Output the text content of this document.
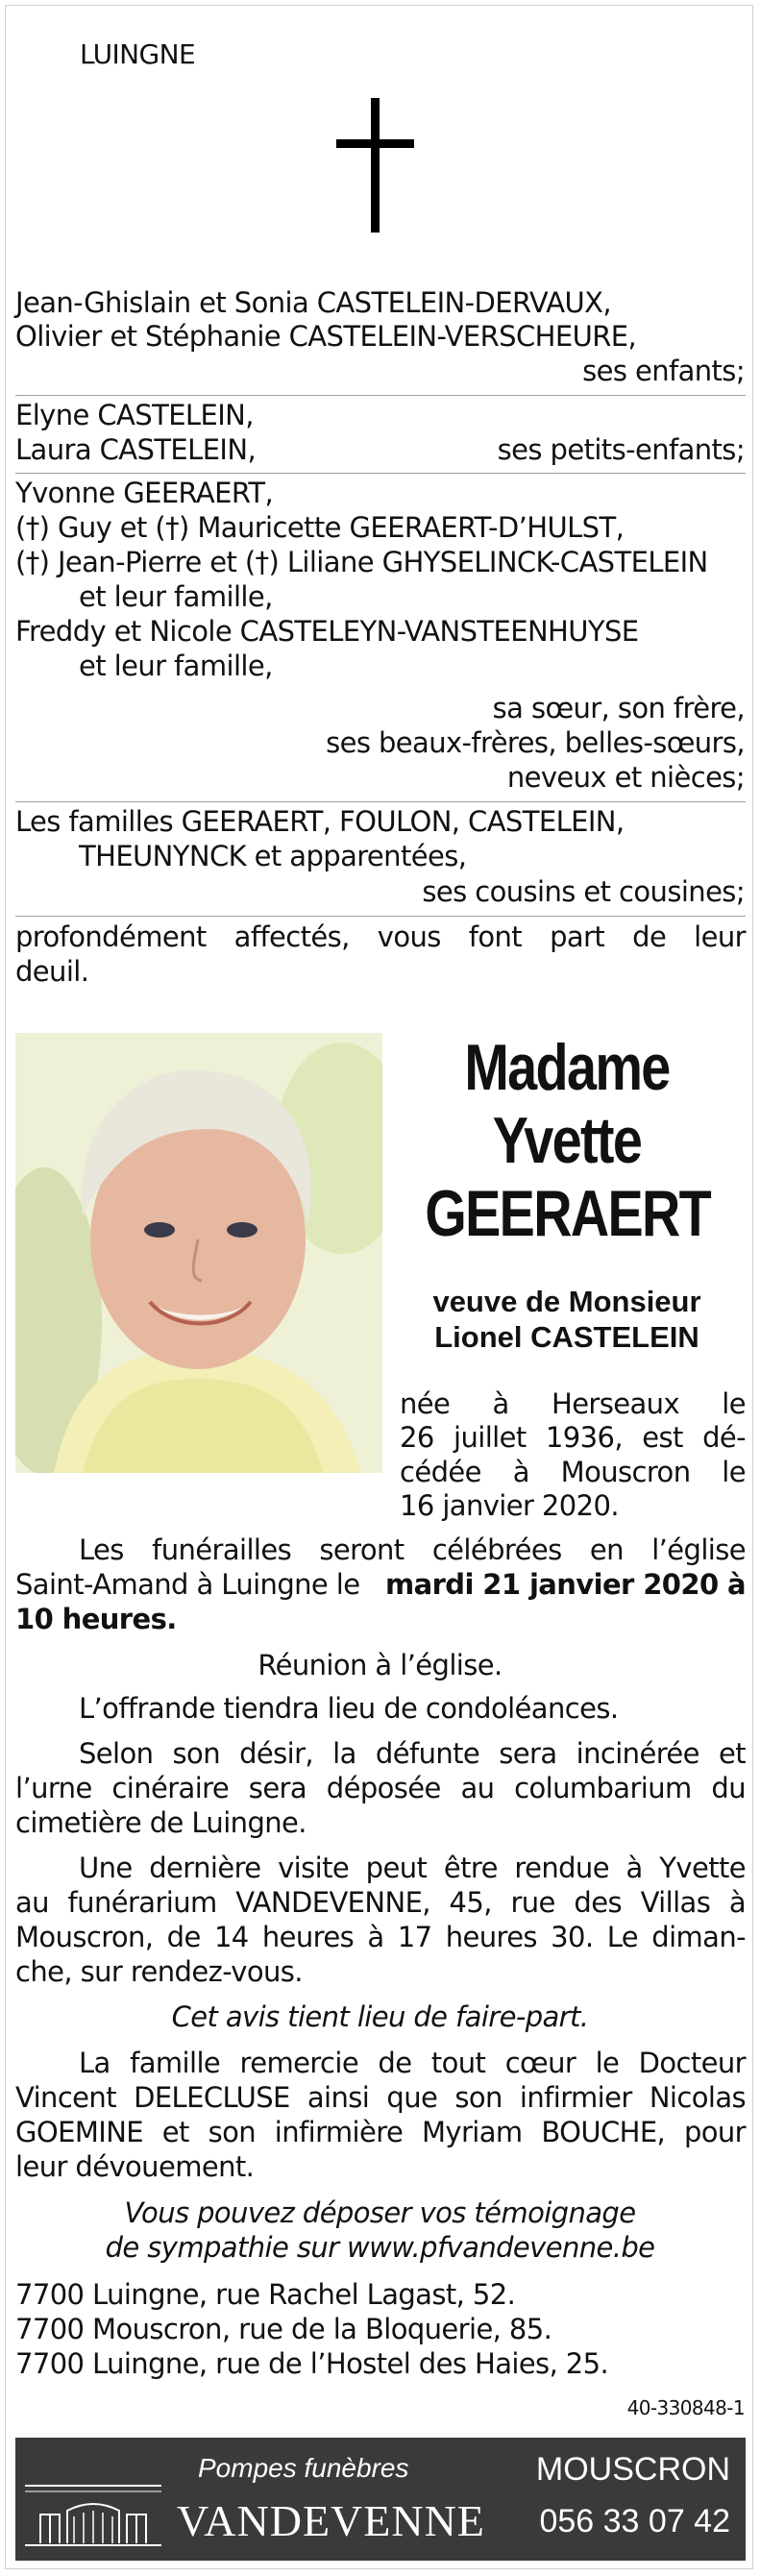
LUINGNE
Jean-Ghislain et Sonia CASTELEIN-DERVAUX,
Olivier et Stéphanie CASTELEIN-VERSCHEURE,
ses enfants;
Elyne CASTELEIN,
Laura CASTELEIN,	ses petits-enfants;
Yvonne GEERAERT,
(†) Guy et (†) Mauricette GEERAERT-D’HULST,
(†) Jean-Pierre et (†) Liliane GHYSELINCK-CASTELEIN
et leur famille,
Freddy et Nicole CASTELEYN-VANSTEENHUYSE
et leur famille,
sa sœur, son frère,
ses beaux-frères, belles-sœurs,
neveux et nièces;
Les familles GEERAERT, FOULON, CASTELEIN,
THEUNYNCK et apparentées,
ses cousins et cousines;
profondément affectés, vous font part de leur
deuil.
Madame
Yvette
GEERAERT
veuve de Monsieur
Lionel CASTELEIN
née à Herseaux le
26 juillet 1936, est dé-
cédée à Mouscron le
16 janvier 2020.
Les funérailles seront célébrées en l’église
Saint-Amand à Luingne le mardi 21 janvier 2020 à
10 heures.
Réunion à l’église.
L’offrande tiendra lieu de condoléances.
Selon son désir, la défunte sera incinérée et
l’urne cinéraire sera déposée au columbarium du
cimetière de Luingne.
Une dernière visite peut être rendue à Yvette
au funérarium VANDEVENNE, 45, rue des Villas à
Mouscron, de 14 heures à 17 heures 30. Le diman-
che, sur rendez-vous.
Cet avis tient lieu de faire-part.
La famille remercie de tout cœur le Docteur
Vincent DELECLUSE ainsi que son infirmier Nicolas
GOEMINE et son infirmière Myriam BOUCHE, pour
leur dévouement.
Vous pouvez déposer vos témoignage
de sympathie sur www.pfvandevenne.be
7700 Luingne, rue Rachel Lagast, 52.
7700 Mouscron, rue de la Bloquerie, 85.
7700 Luingne, rue de l’Hostel des Haies, 25.
40-330848-1
Pompes funèbres
VANDEVENNE
MOUSCRON
056 33 07 42
